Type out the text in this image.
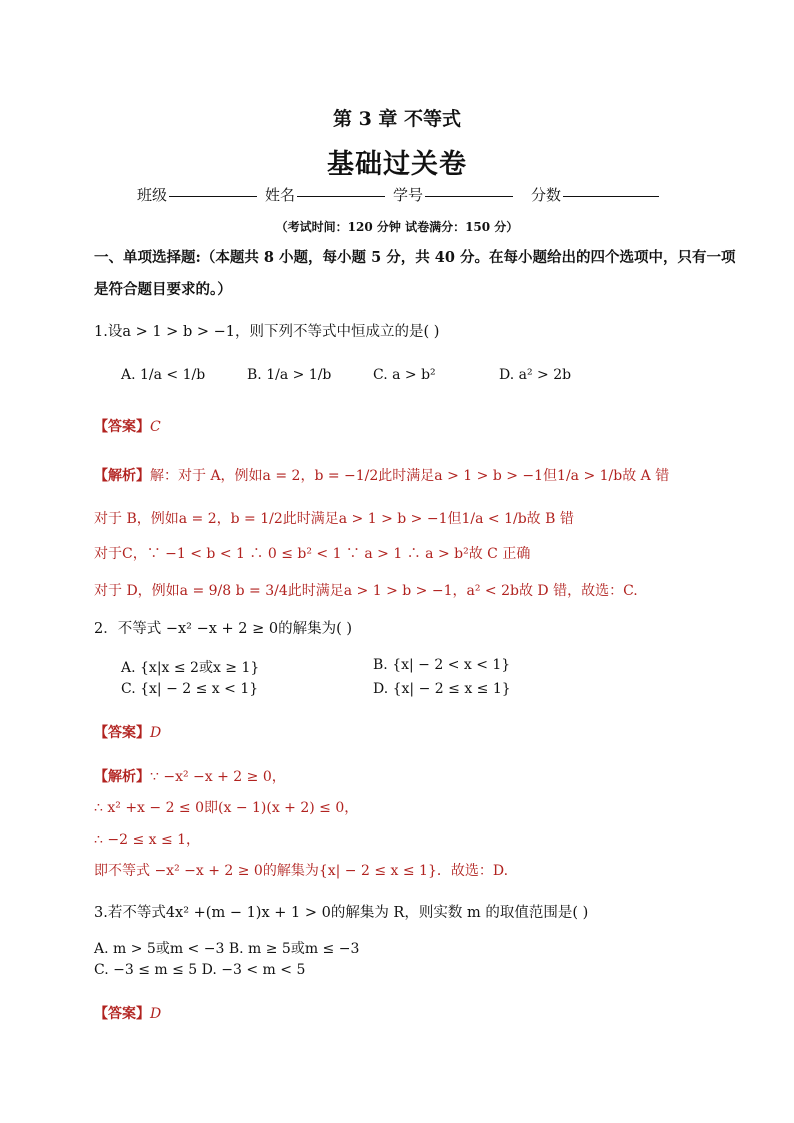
第 3 章 不等式
基础过关卷
班级	姓名	学号	分数
（考试时间：120 分钟 试卷满分：150 分）
一、单项选择题:（本题共 8 小题，每小题 5 分，共 40 分。在每小题给出的四个选项中，只有一项
是符合题目要求的。）
1.设a > 1 > b > −1，则下列不等式中恒成立的是( )
A. 1/a < 1/b	B. 1/a > 1/b	C. a > b²	D. a² > 2b
【答案】C
【解析】解：对于 A，例如a = 2，b = −1/2此时满足a > 1 > b > −1但1/a > 1/b故 A 错
对于 B，例如a = 2，b = 1/2此时满足a > 1 > b > −1但1/a < 1/b故 B 错
对于C，∵ −1 < b < 1 ∴ 0 ≤ b² < 1 ∵ a > 1 ∴ a > b²故 C 正确
对于 D，例如a = 9/8 b = 3/4此时满足a > 1 > b > −1，a² < 2b故 D 错，故选：C.
2．不等式 −x² −x + 2 ≥ 0的解集为( )
A. {x|x ≤ 2或x ≥ 1}	B. {x| − 2 < x < 1}
C. {x| − 2 ≤ x < 1}	D. {x| − 2 ≤ x ≤ 1}
【答案】D
【解析】∵ −x² −x + 2 ≥ 0，
∴ x² +x − 2 ≤ 0即(x − 1)(x + 2) ≤ 0，
∴ −2 ≤ x ≤ 1，
即不等式 −x² −x + 2 ≥ 0的解集为{x| − 2 ≤ x ≤ 1}．故选：D.
3.若不等式4x² +(m − 1)x + 1 > 0的解集为 R，则实数 m 的取值范围是( )
A. m > 5或m < −3 B. m ≥ 5或m ≤ −3
C. −3 ≤ m ≤ 5 D. −3 < m < 5
【答案】D
